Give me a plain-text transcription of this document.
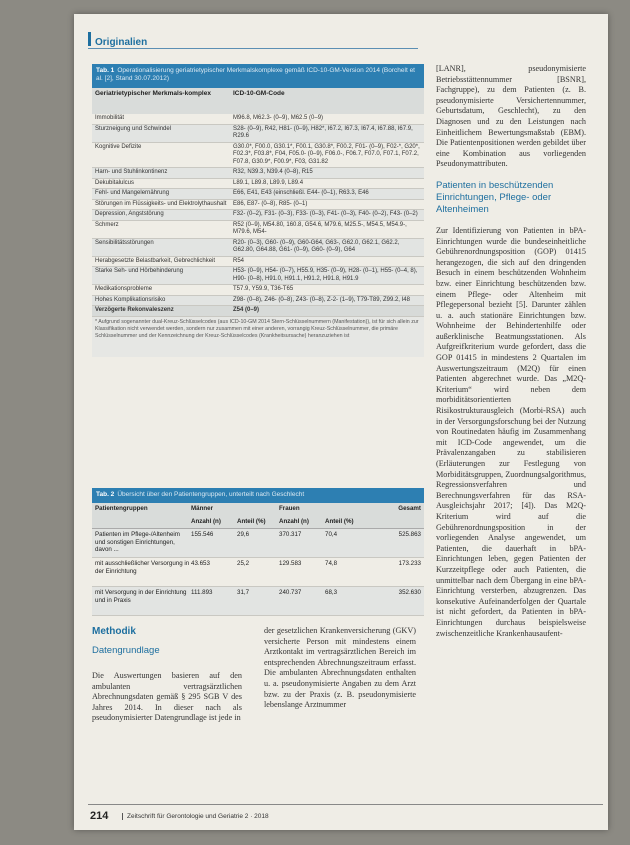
Originalien
Tab. 1 Operationalisierung geriatrietypischer Merkmalskomplexe gemäß ICD-10-GM-Version 2014 (Borchelt et al. [2], Stand 30.07.2012)
Geriatrietypischer Merkmals-komplex	ICD-10-GM-Code
Immobilität	M96.8, M62.3- (0–9), M62.5 (0–9)
Sturzneigung und Schwindel	S28- (0–9), R42, H81- (0–9), H82*, I67.2, I67.3, I67.4, I67.88, I67.9, R29.6
Kognitive Defizite	G30.0*, F00.0, G30.1*, F00.1, G30.8*, F00.2, F01- (0–9), F02-*, G20*, F02.3*, F03.8*, F04, F05.0- (0–9), F06.0-, F06.7, F07.0, F07.1, F07.2, F07.8, G30.9*, F00.9*, F03, G31.82
Harn- und Stuhlinkontinenz	R32, N39.3, N39.4 (0–8), R15
Dekubitalulcus	L89.1, L89.8, L89.9, L89.4
Fehl- und Mangelernährung	E66, E41, E43 (einschließl. E44- (0–1), R63.3, E46
Störungen im Flüssigkeits- und Elektrolythaushalt	E86, E87- (0–8), R85- (0–1)
Depression, Angststörung	F32- (0–2), F31- (0–3), F33- (0–3), F41- (0–3), F40- (0–2), F43- (0–2)
Schmerz	R52 (0–9), M54.80, 160.8, G54.6, M79.6, M25.5-, M54.5, M54.9-, M79.6, M54-
Sensibilitätsstörungen	R20- (0–3), G60- (0–9), G60-G64, G63-, G62.0, G62.1, G62.2, G62.80, G64.88, G61- (0–9), G60- (0–9), G64
Herabgesetzte Belastbarkeit, Gebrechlichkeit	R54
Starke Seh- und Hörbehinderung	H53- (0–9), H54- (0–7), H55.9, H35- (0–9), H28- (0–1), H55- (0–4, 8), H90- (0–8), H91.0, H91.1, H91.2, H91.8, H91.9
Medikationsprobleme	T57.9, Y59.9, T36-T65
Hohes Komplikationsrisiko	Z98- (0–8), Z46- (0–8), Z43- (0–8), Z-2- (1–9), T79-T89, Z99.2, I48
Verzögerte Rekonvaleszenz	Z54 (0–9)
* Aufgrund sogenannter dual-Kreuz-Schlüsselcodes (aus ICD-10-GM 2014 Stern-Schlüsselnummern (Manifestation)), ist für sich allein zur Klassifikation nicht verwendet werden, sondern nur zusammen mit einer anderen, vorrangig Kreuz-Schlüsselnummer, die primäre Schlüsselnummer und der Kennzeichnung der Kreuz-Schlüsselcodes (Krankheitsursache) heranzuziehen ist
Tab. 2 Übersicht über den Patientengruppen, unterteilt nach Geschlecht
Patientengruppen	Männer	Frauen	Gesamt
Anzahl (n)	Anteil (%)	Anzahl (n)	Anteil (%)
Patienten im Pflege-/Altenheim und sonstigen Einrichtungen, davon ...
155.546	29,6	370.317	70,4	525.863
mit ausschließlicher Versorgung in der Einrichtung
43.653	25,2	129.583	74,8	173.233
mit Versorgung in der Einrichtung und in Praxis
111.893	31,7	240.737	68,3	352.630

Methodik

Datengrundlage

Die Auswertungen basieren auf den ambulanten vertragsärztlichen Abrechnungsdaten gemäß § 295 SGB V des Jahres 2014. In dieser nach als pseudonymisierter Datengrundlage ist jede in

der gesetzlichen Krankenversicherung (GKV) versicherte Person mit mindestens einem Arztkontakt im vertragsärztlichen Bereich im entsprechenden Abrechnungszeitraum erfasst. Die ambulanten Abrechnungsdaten enthalten u. a. pseudonymisierte Angaben zu dem Arzt bzw. zu der Praxis (z. B. pseudonymisierte lebenslange Arztnummer

[LANR], pseudonymisierte Betriebsstättennummer [BSNR], Fachgruppe), zu dem Patienten (z. B. pseudonymisierte Versichertennummer, Geburtsdatum, Geschlecht), zu den Diagnosen und zu den Leistungen nach Einheitlichem Bewertungsmaßstab (EBM). Die Patientenpositionen werden gebildet über eine Kombination aus vorliegenden Pseudonymattributen.

Patienten in beschützenden Einrichtungen, Pflege- oder Altenheimen

Zur Identifizierung von Patienten in bPA-Einrichtungen wurde die bundeseinheitliche Gebührenordnungsposition (GOP) 01415 herangezogen, die sich auf den dringenden Besuch in einem beschützenden Wohnheim bzw. einer Einrichtung beschützenden bzw. einem Pflege- oder Altenheim mit Pflegepersonal bezieht [5]. Darunter zählen u. a. auch stationäre Einrichtungen bzw. Wohnheime der Behindertenhilfe oder außerklinische Beatmungsstationen. Als Aufgreifkriterium wurde gefordert, dass die GOP 01415 in mindestens 2 Quartalen im Auswertungszeitraum (M2Q) für einen Patienten abgerechnet wurde. Das „M2Q-Kriterium“ wird neben dem morbiditätsorientierten Risikostrukturausgleich (Morbi-RSA) auch in der Versorgungsforschung bei der Nutzung von Routinedaten häufig im Zusammenhang mit ICD-Code angewendet, um die Prävalenzangaben zu stabilisieren (Erläuterungen zur Festlegung von Morbiditätsgruppen, Zuordnungsalgorithmus, Regressionsverfahren und Berechnungsverfahren für das RSA-Ausgleichsjahr 2017; [4]). Das M2Q-Kriterium wird auf die Gebührenordnungsposition in der vorliegenden Analyse angewendet, um Patienten, die dauerhaft in bPA-Einrichtungen leben, gegen Patienten der Kurzzeitpflege oder auch Patienten, die unmittelbar nach dem Übergang in eine bPA-Einrichtung versterben, abzugrenzen. Das konsekutive Aufeinanderfolgen der Quartale ist nicht gefordert, da Patienten in bPA-Einrichtungen durchaus beispielsweise zwischenzeitliche Krankenhausaufent-

214	Zeitschrift für Gerontologie und Geriatrie 2 · 2018
